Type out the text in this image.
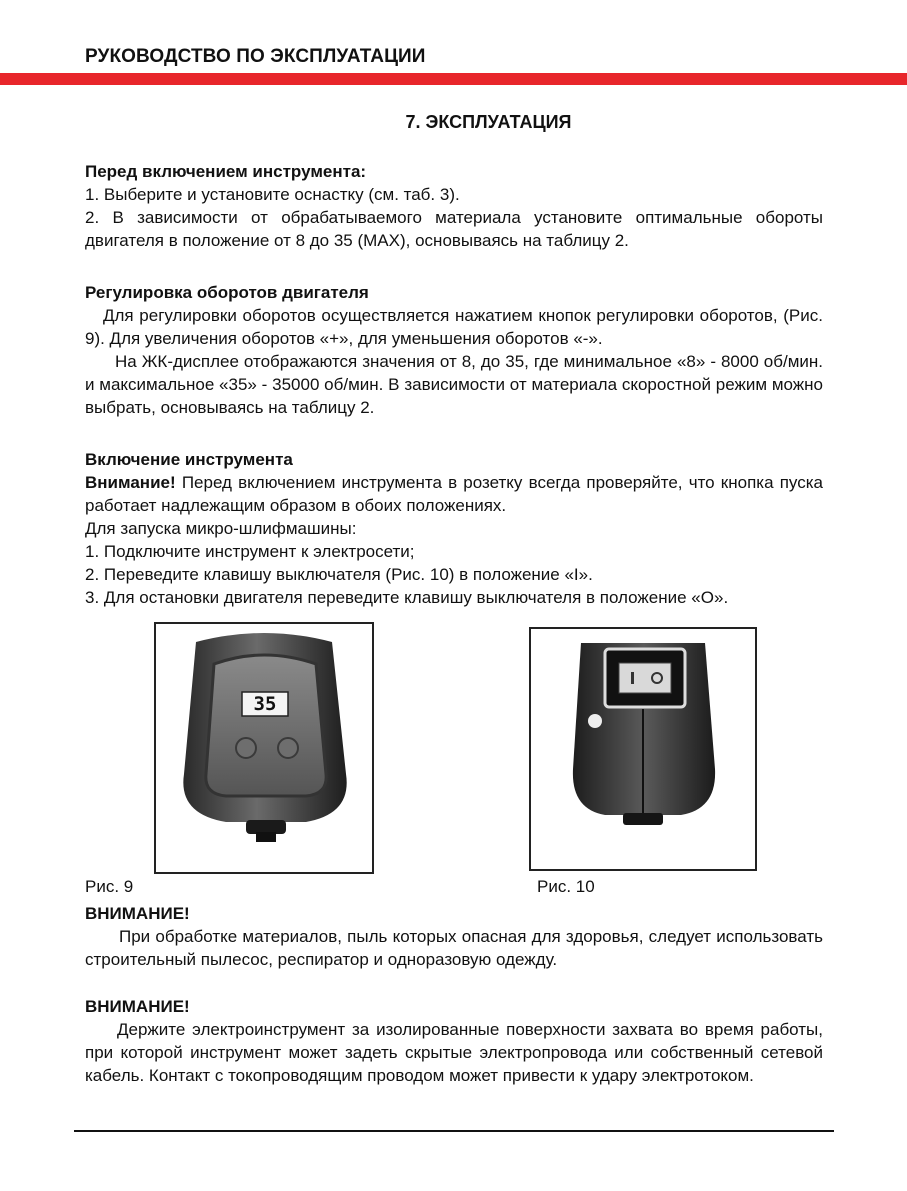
РУКОВОДСТВО ПО ЭКСПЛУАТАЦИИ
7. ЭКСПЛУАТАЦИЯ

Перед включением инструмента:

1. Выберите и установите оснастку (см. таб. 3).

2. В зависимости от обрабатываемого материала установите оптимальные обороты двигателя в положение от 8 до 35 (MAX), основываясь на таблицу 2.

Регулировка оборотов двигателя

Для регулировки оборотов осуществляется нажатием кнопок регулировки оборотов, (Рис. 9). Для увеличения оборотов «+», для уменьшения оборотов «-».

На ЖК-дисплее отображаются значения от 8, до 35, где минимальное «8» - 8000 об/мин. и максимальное «35» - 35000 об/мин. В зависимости от материала скоростной режим можно выбрать, основываясь на таблицу 2.

Включение инструмента

Внимание! Перед включением инструмента в розетку всегда проверяйте, что кнопка пуска работает надлежащим образом в обоих положениях.

Для запуска микро-шлифмашины:

1. Подключите инструмент к электросети;

2. Переведите клавишу выключателя (Рис. 10) в положение «I».

3. Для остановки двигателя переведите клавишу выключателя в положение «O».

35
Рис. 9	Рис. 10

ВНИМАНИЕ!

При обработке материалов, пыль которых опасная для здоровья, следует использовать строительный пылесос, респиратор и одноразовую одежду.

ВНИМАНИЕ!

Держите электроинструмент за изолированные поверхности захвата во время работы, при которой инструмент может задеть скрытые электропровода или собственный сетевой кабель. Контакт с токопроводящим проводом может привести к удару электротоком.
